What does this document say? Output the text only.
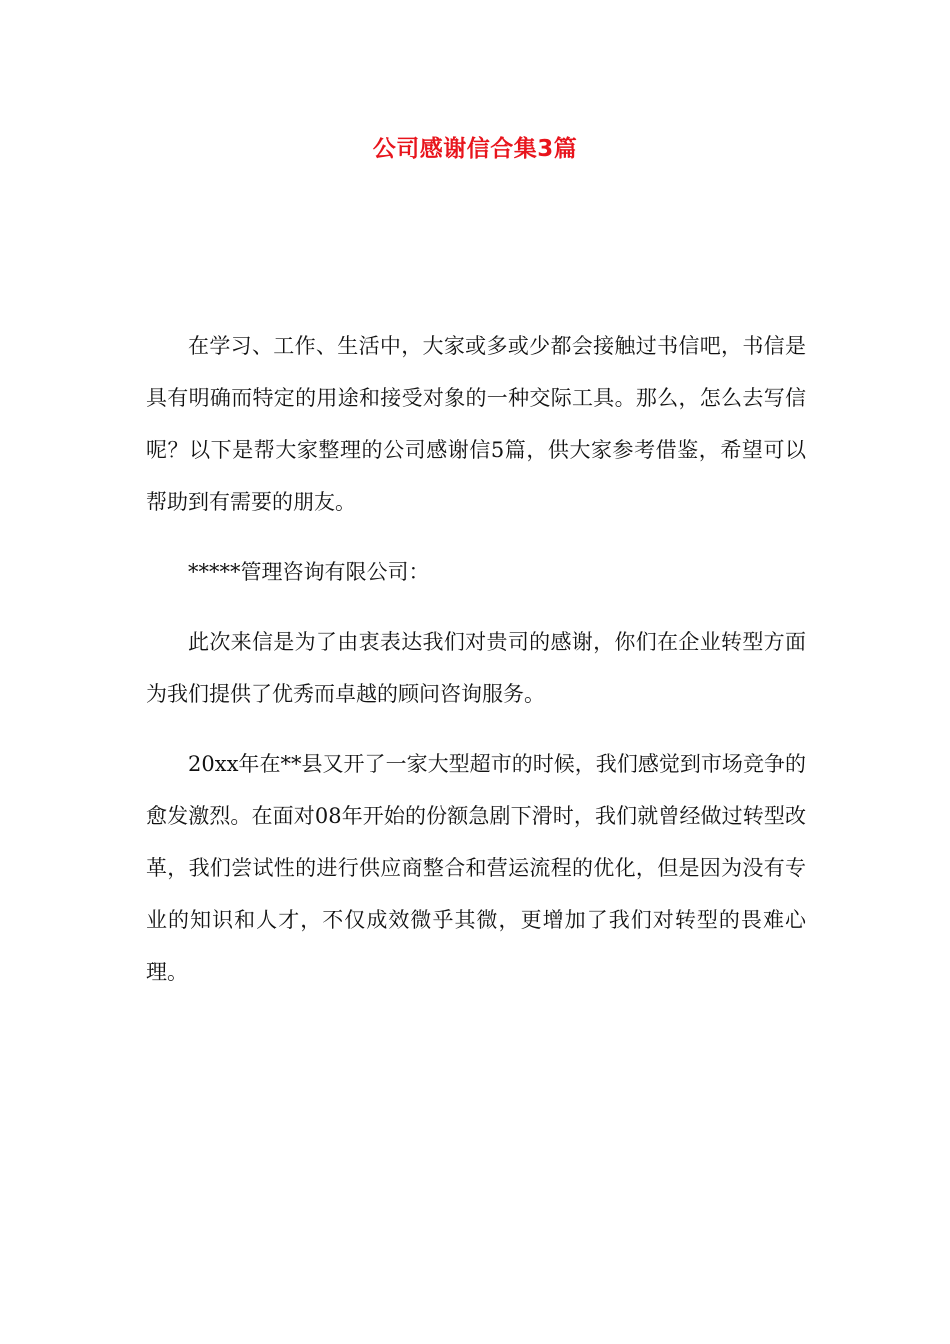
公司感谢信合集3篇

在学习、工作、生活中，大家或多或少都会接触过书信吧，书信是具有明确而特定的用途和接受对象的一种交际工具。那么，怎么去写信呢？以下是帮大家整理的公司感谢信5篇，供大家参考借鉴，希望可以帮助到有需要的朋友。

*****管理咨询有限公司：

此次来信是为了由衷表达我们对贵司的感谢，你们在企业转型方面为我们提供了优秀而卓越的顾问咨询服务。

20xx年在**县又开了一家大型超市的时候，我们感觉到市场竞争的愈发激烈。在面对08年开始的份额急剧下滑时，我们就曾经做过转型改革，我们尝试性的进行供应商整合和营运流程的优化，但是因为没有专业的知识和人才，不仅成效微乎其微，更增加了我们对转型的畏难心理。
